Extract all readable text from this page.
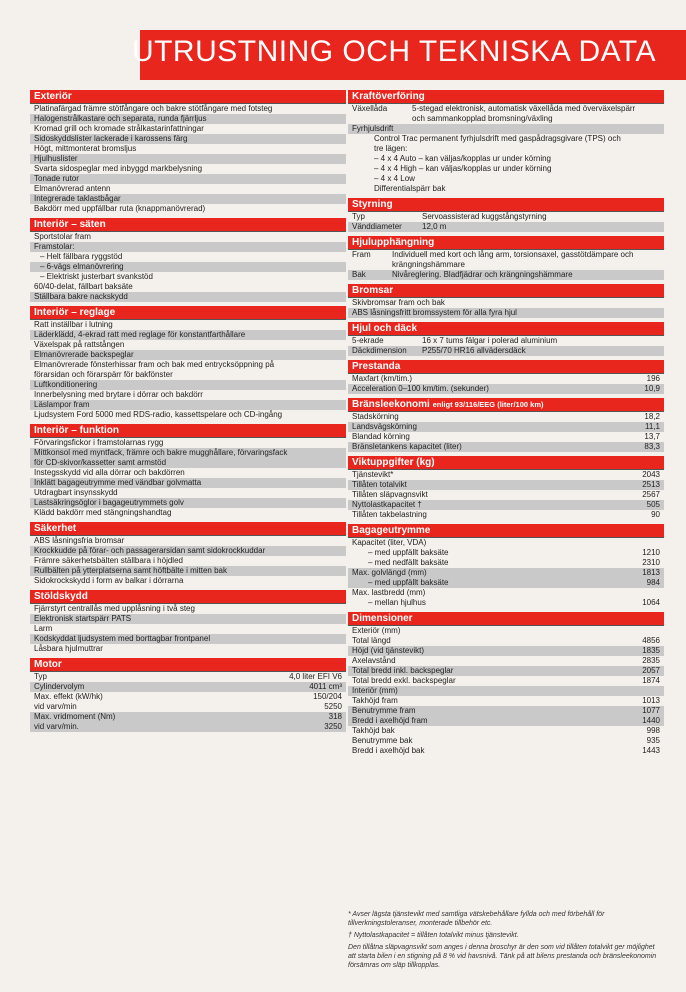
UTRUSTNING OCH TEKNISKA DATA
Exteriör
Platinafärgad främre stötfångare och bakre stötfångare med fotsteg
Halogenstrålkastare och separata, runda fjärrljus
Kromad grill och kromade strålkastarinfattningar
Sidoskyddslister lackerade i karossens färg
Högt, mittmonterat bromsljus
Hjulhuslister
Svarta sidospeglar med inbyggd markbelysning
Tonade rutor
Elmanövrerad antenn
Integrerade taklastbågar
Bakdörr med uppfällbar ruta (knappmanövrerad)
Interiör – säten
Sportstolar fram
Framstolar:
– Helt fällbara ryggstöd
– 6-vägs elmanövrering
– Elektriskt justerbart svankstöd
60/40-delat, fällbart baksäte
Ställbara bakre nackskydd
Interiör – reglage
Ratt inställbar i lutning
Läderklädd, 4-ekrad ratt med reglage för konstantfarthållare
Växelspak på rattstången
Elmanövrerade backspeglar
Elmanövrerade fönsterhissar fram och bak med entrycksöppning på
förarsidan och förarspärr för bakfönster
Luftkonditionering
Innerbelysning med brytare i dörrar och bakdörr
Läslampor fram
Ljudsystem Ford 5000 med RDS-radio, kassettspelare och CD-ingång
Interiör – funktion
Förvaringsfickor i framstolarnas rygg
Mittkonsol med myntfack, främre och bakre mugghållare, förvaringsfack
för CD-skivor/kassetter samt armstöd
Instegsskydd vid alla dörrar och bakdörren
Inklätt bagageutrymme med vändbar golvmatta
Utdragbart insynsskydd
Lastsäkringsöglor i bagageutrymmets golv
Klädd bakdörr med stängningshandtag
Säkerhet
ABS låsningsfria bromsar
Krockkudde på förar- och passagerarsidan samt sidokrockkuddar
Främre säkerhetsbälten ställbara i höjdled
Rullbälten på ytterplatserna samt höftbälte i mitten bak
Sidokrockskydd i form av balkar i dörrarna
Stöldskydd
Fjärrstyrt centrallås med upplåsning i två steg
Elektronisk startspärr PATS
Larm
Kodskyddat ljudsystem med borttagbar frontpanel
Låsbara hjulmuttrar
Motor
Typ	4,0 liter EFI V6
Cylindervolym	4011 cm³
Max. effekt (kW/hk)	150/204
vid varv/min	5250
Max. vridmoment (Nm)	318
vid varv/min.	3250
Kraftöverföring
Växellåda	5-stegad elektronisk, automatisk växellåda med överväxelspärr
och sammankopplad bromsning/växling
Fyrhjulsdrift
Control Trac permanent fyrhjulsdrift med gaspådragsgivare (TPS) och
tre lägen:
– 4 x 4 Auto – kan väljas/kopplas ur under körning
– 4 x 4 High – kan väljas/kopplas ur under körning
– 4 x 4 Low
Differentialspärr bak
Styrning
Typ	Servoassisterad kuggstångstyrning
Vänddiameter	12,0 m
Hjulupphängning
Fram	Individuell med kort och lång arm, torsionsaxel, gasstötdämpare och
krängningshämmare
Bak	Nivåreglering. Bladfjädrar och krängningshämmare
Bromsar
Skivbromsar fram och bak
ABS låsningsfritt bromssystem för alla fyra hjul
Hjul och däck
5-ekrade	16 x 7 tums fälgar i polerad aluminium
Däckdimension	P255/70 HR16 allvädersdäck
Prestanda
Maxfart (km/tim.)	196
Acceleration 0–100 km/tim. (sekunder)	10,9
Bränsleekonomi enligt 93/116/EEG (liter/100 km)
Stadskörning	18,2
Landsvägskörning	11,1
Blandad körning	13,7
Bränsletankens kapacitet (liter)	83,3
Viktuppgifter (kg)
Tjänstevikt*	2043
Tillåten totalvikt	2513
Tillåten släpvagnsvikt	2567
Nyttolastkapacitet †	505
Tillåten takbelastning	90
Bagageutrymme
Kapacitet (liter, VDA)
– med uppfällt baksäte	1210
– med nedfällt baksäte	2310
Max. golvlängd (mm)	1813
– med uppfällt baksäte	984
Max. lastbredd (mm)
– mellan hjulhus	1064
Dimensioner
Exteriör (mm)
Total längd	4856
Höjd (vid tjänstevikt)	1835
Axelavstånd	2835
Total bredd inkl. backspeglar	2057
Total bredd exkl. backspeglar	1874
Interiör (mm)
Takhöjd fram	1013
Benutrymme fram	1077
Bredd i axelhöjd fram	1440
Takhöjd bak	998
Benutrymme bak	935
Bredd i axelhöjd bak	1443

* Avser lägsta tjänstevikt med samtliga vätskebehållare fyllda och med förbehåll för tillverkningstoleranser, monterade tillbehör etc.

† Nyttolastkapacitet = tillåten totalvikt minus tjänstevikt.

Den tillåtna släpvagnsvikt som anges i denna broschyr är den som vid tillåten totalvikt ger möjlighet att starta bilen i en stigning på 8 % vid havsnivå. Tänk på att bilens prestanda och bränsleekonomin försämras om släp tillkopplas.
